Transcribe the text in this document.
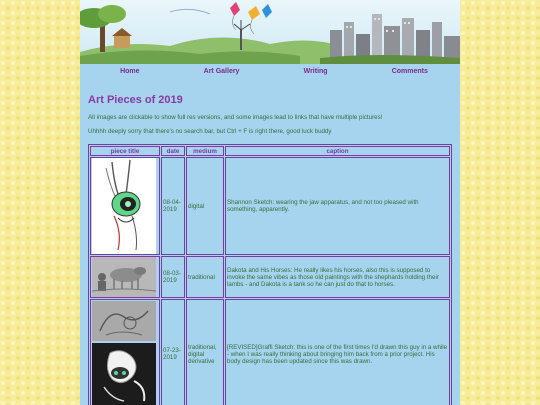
Home	Art Gallery	Writing	Comments
Art Pieces of 2019

All images are clickable to show full res versions, and some images lead to links that have multiple pictures!

Uhhhh deeply sorry that there's no search bar, but Ctrl + F is right there, good luck buddy

piece title	date	medium	caption

	08-04-2019	digital	Shannon Sketch: wearing the jaw apparatus, and not too pleased with something, apparently.

	08-03-2019	traditional	Dakota and His Horses: He really likes his horses, also this is supposed to invoke the same vibes as those old paintings with the shephards holding their lambs - and Dakota is a tank so he can just do that to horses.

	07-23-2019	traditional, digital derivative	[REVISED]Graffi Sketch: this is one of the first times I'd drawn this guy in a while - when I was really thinking about bringing him back from a prior project. His body design has been updated since this was drawn.
